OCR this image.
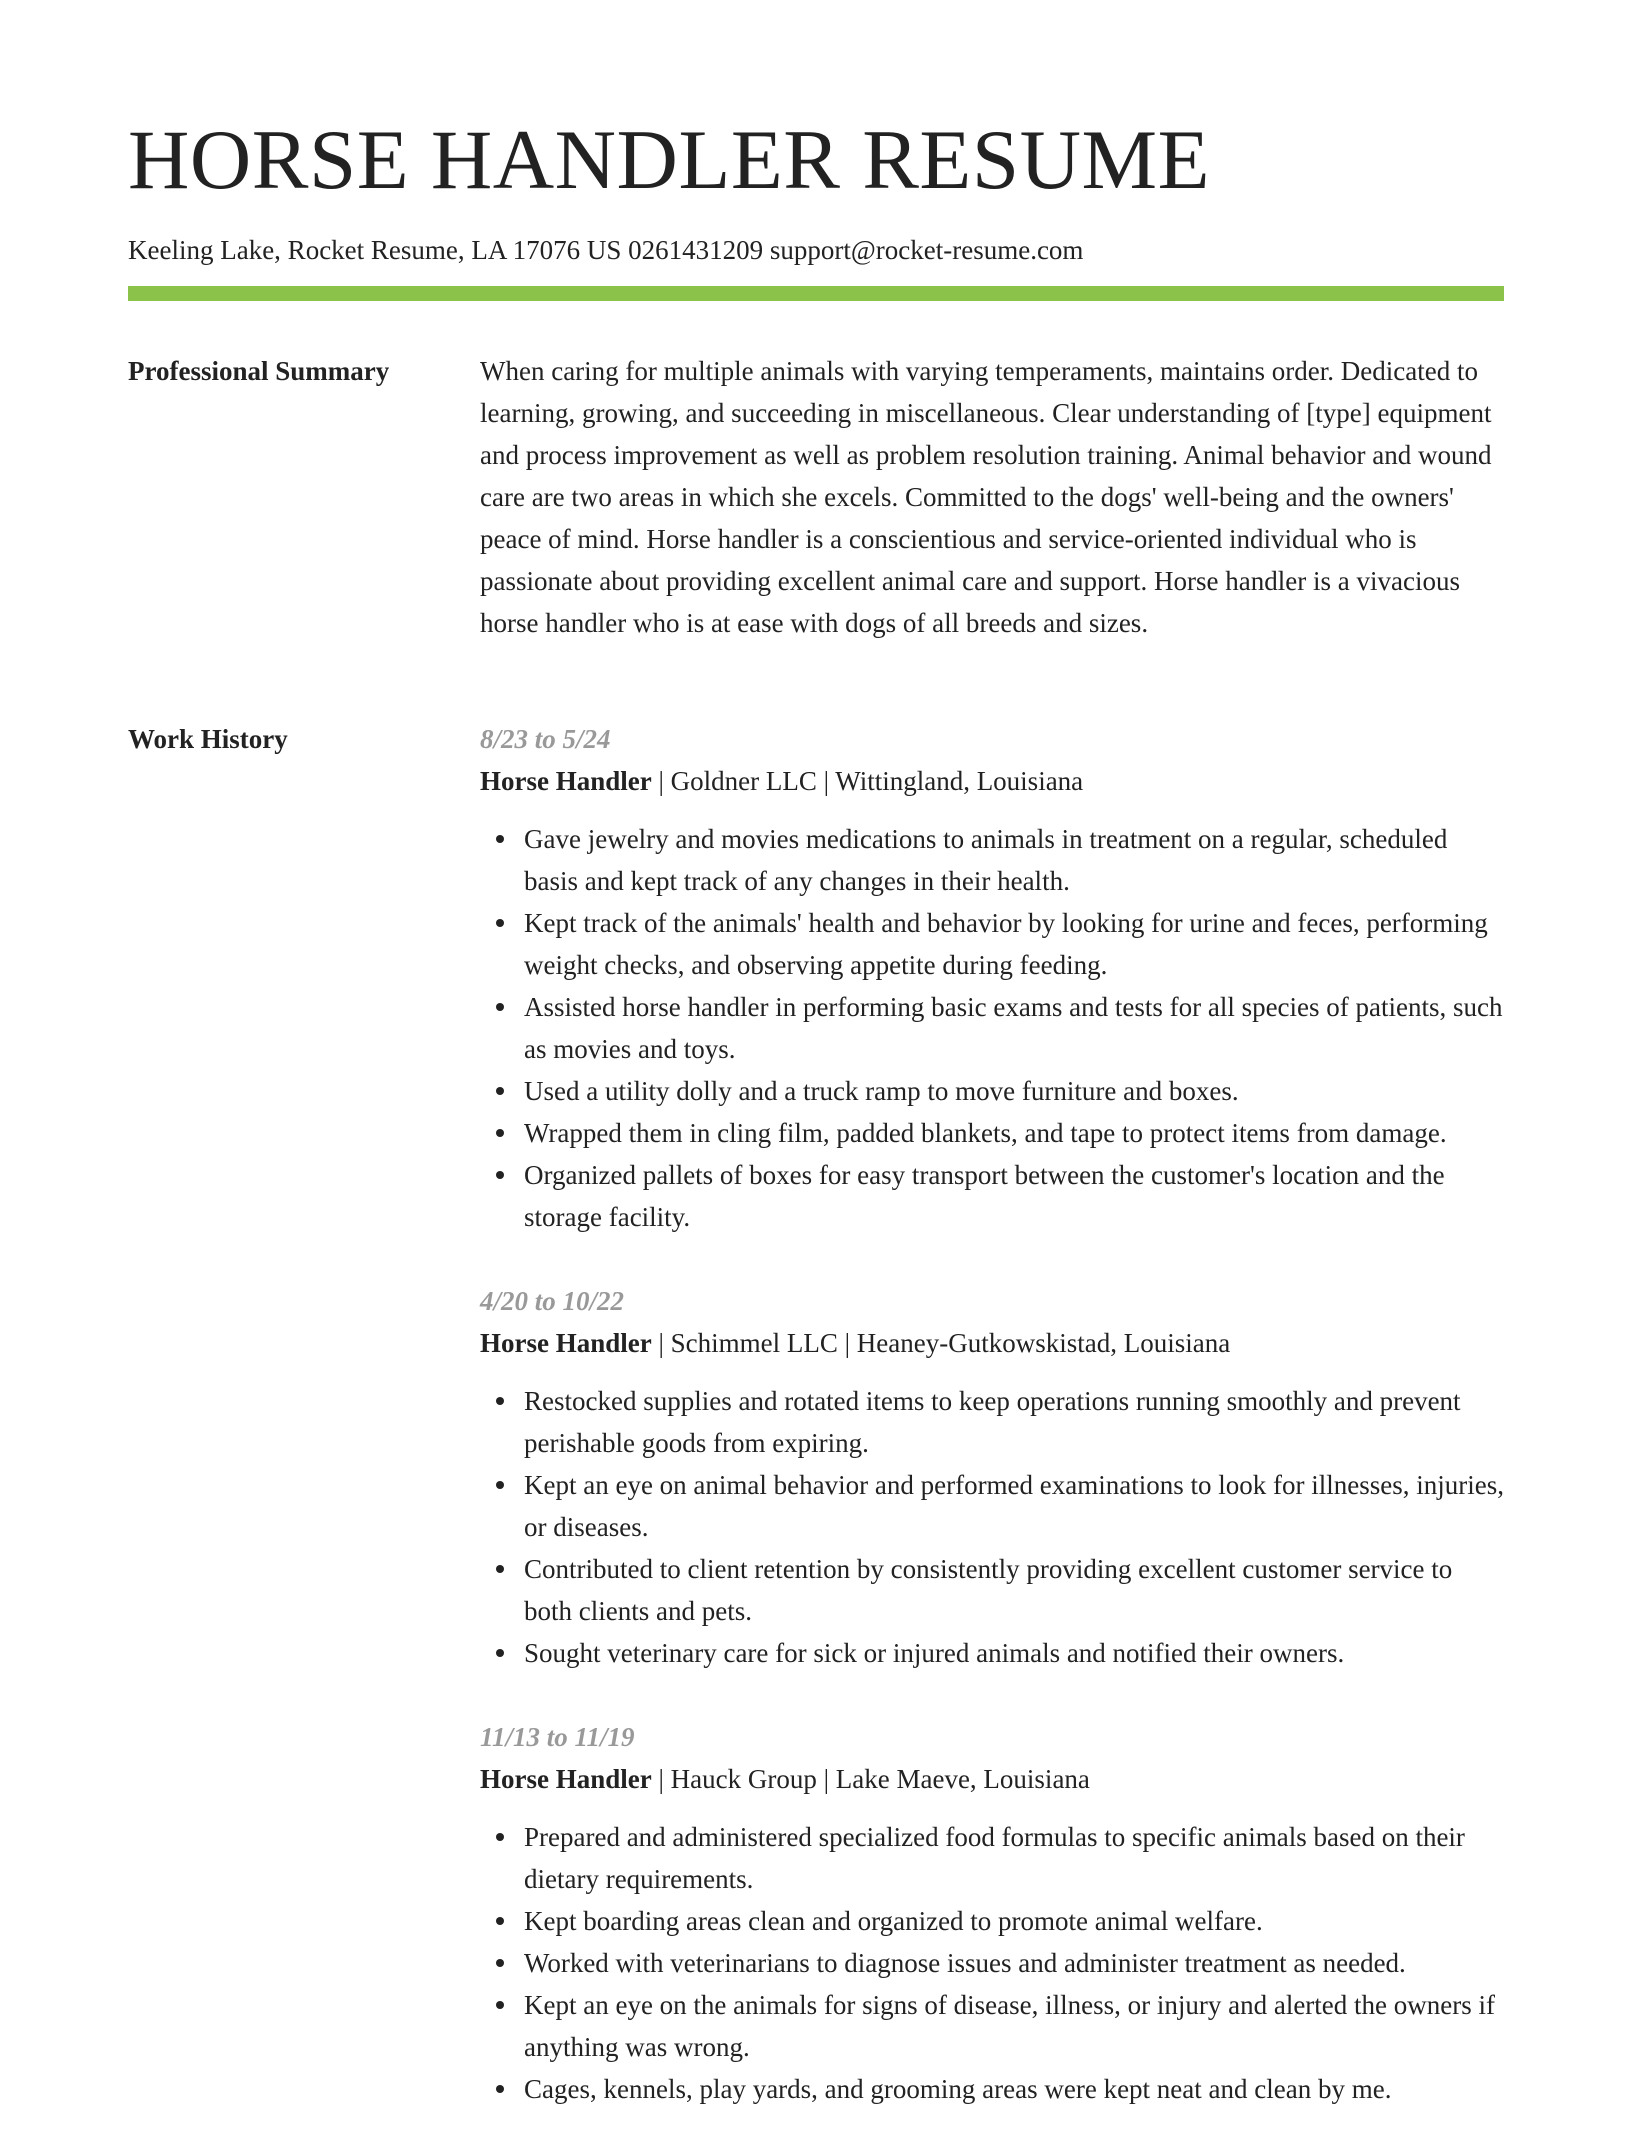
HORSE HANDLER RESUME
Keeling Lake, Rocket Resume, LA 17076 US 0261431209 support@rocket-resume.com
Professional Summary	When caring for multiple animals with varying temperaments, maintains order. Dedicated to learning, growing, and succeeding in miscellaneous. Clear understanding of [type] equipment and process improvement as well as problem resolution training. Animal behavior and wound care are two areas in which she excels. Committed to the dogs' well-being and the owners' peace of mind. Horse handler is a conscientious and service-oriented individual who is passionate about providing excellent animal care and support. Horse handler is a vivacious horse handler who is at ease with dogs of all breeds and sizes.

Work History	8/23 to 5/24
Horse Handler | Goldner LLC | Wittingland, Louisiana
Gave jewelry and movies medications to animals in treatment on a regular, scheduled basis and kept track of any changes in their health.
Kept track of the animals' health and behavior by looking for urine and feces, performing weight checks, and observing appetite during feeding.
Assisted horse handler in performing basic exams and tests for all species of patients, such as movies and toys.
Used a utility dolly and a truck ramp to move furniture and boxes.
Wrapped them in cling film, padded blankets, and tape to protect items from damage.
Organized pallets of boxes for easy transport between the customer's location and the storage facility.
4/20 to 10/22
Horse Handler | Schimmel LLC | Heaney-Gutkowskistad, Louisiana
Restocked supplies and rotated items to keep operations running smoothly and prevent perishable goods from expiring.
Kept an eye on animal behavior and performed examinations to look for illnesses, injuries, or diseases.
Contributed to client retention by consistently providing excellent customer service to both clients and pets.
Sought veterinary care for sick or injured animals and notified their owners.
11/13 to 11/19
Horse Handler | Hauck Group | Lake Maeve, Louisiana
Prepared and administered specialized food formulas to specific animals based on their dietary requirements.
Kept boarding areas clean and organized to promote animal welfare.
Worked with veterinarians to diagnose issues and administer treatment as needed.
Kept an eye on the animals for signs of disease, illness, or injury and alerted the owners if anything was wrong.
Cages, kennels, play yards, and grooming areas were kept neat and clean by me.
